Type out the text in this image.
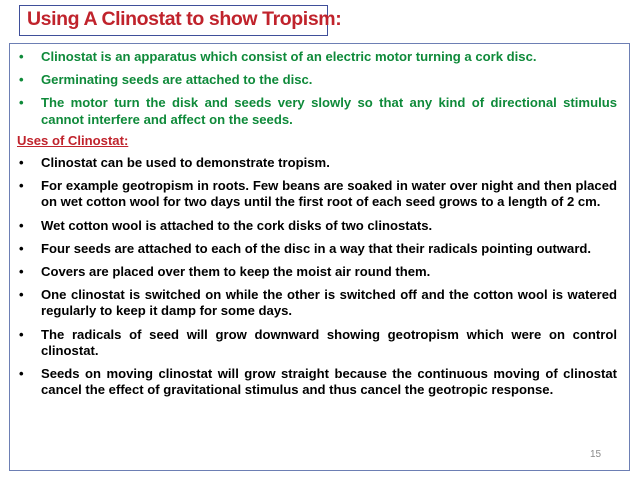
Using A Clinostat to show Tropism:
• Clinostat is an apparatus which consist of an electric motor turning a cork disc.
• Germinating seeds are attached to the disc.
• The motor turn the disk and seeds very slowly so that any kind of directional stimulus cannot interfere and affect on the seeds.
Uses of Clinostat:
• Clinostat can be used to demonstrate tropism.
• For example geotropism in roots. Few beans are soaked in water over night and then placed on wet cotton wool for two days until the first root of each seed grows to a length of 2 cm.
• Wet cotton wool is attached to the cork disks of two clinostats.
• Four seeds are attached to each of the disc in a way that their radicals pointing outward.
• Covers are placed over them to keep the moist air round them.
• One clinostat is switched on while the other is switched off and the cotton wool is watered regularly to keep it damp for some days.
• The radicals of seed will grow downward showing geotropism which were on control clinostat.
• Seeds on moving clinostat will grow straight because the continuous moving of clinostat cancel the effect of gravitational stimulus and thus cancel the geotropic response.
15
